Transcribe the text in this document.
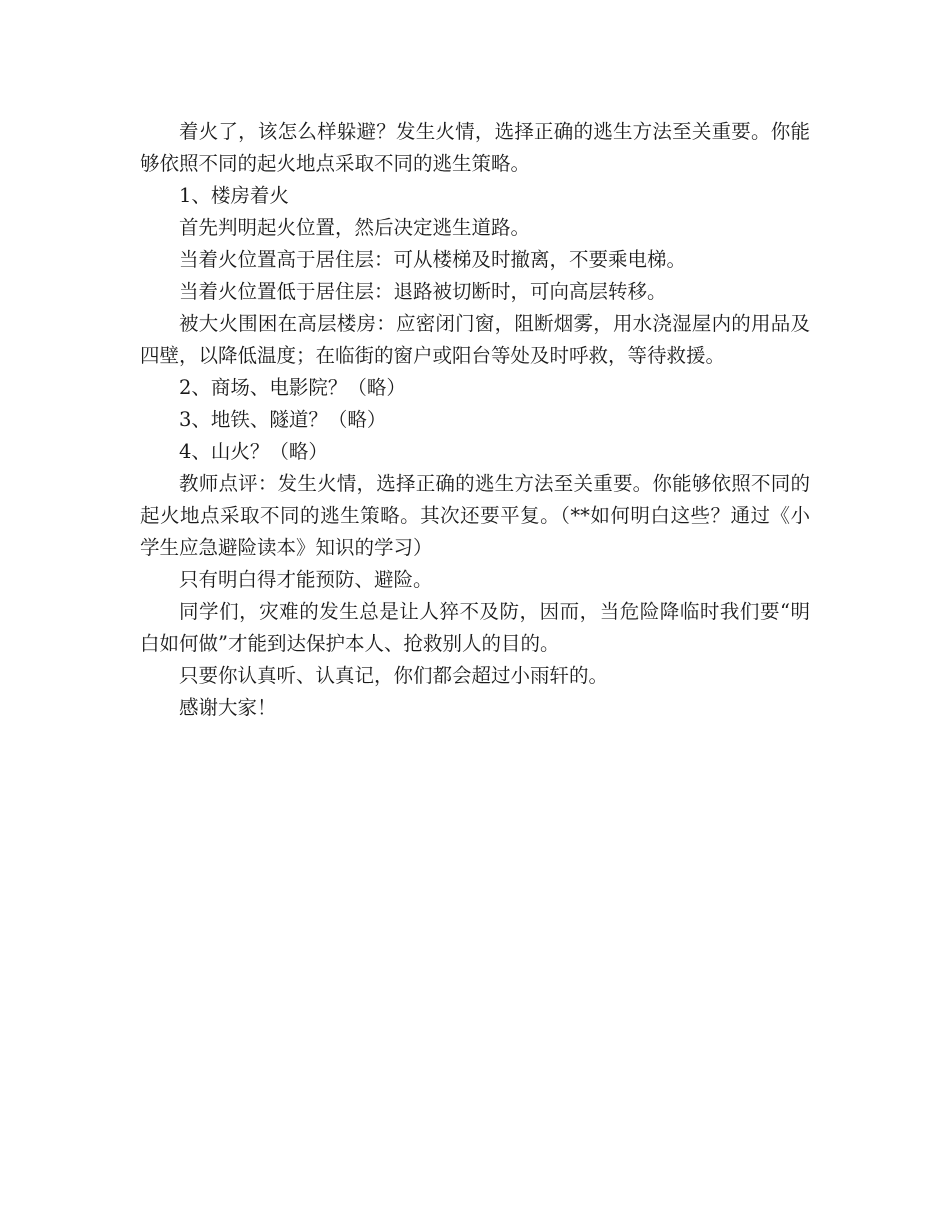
着火了，该怎么样躲避？发生火情，选择正确的逃生方法至关重要。你能够依照不同的起火地点采取不同的逃生策略。

1、楼房着火

首先判明起火位置，然后决定逃生道路。

当着火位置高于居住层：可从楼梯及时撤离，不要乘电梯。

当着火位置低于居住层：退路被切断时，可向高层转移。

被大火围困在高层楼房：应密闭门窗，阻断烟雾，用水浇湿屋内的用品及四壁，以降低温度；在临街的窗户或阳台等处及时呼救，等待救援。

2、商场、电影院？（略）

3、地铁、隧道？（略）

4、山火？（略）

教师点评：发生火情，选择正确的逃生方法至关重要。你能够依照不同的起火地点采取不同的逃生策略。其次还要平复。（**如何明白这些？通过《小学生应急避险读本》知识的学习）

只有明白得才能预防、避险。

同学们，灾难的发生总是让人猝不及防，因而，当危险降临时我们要“明白如何做”才能到达保护本人、抢救别人的目的。

只要你认真听、认真记，你们都会超过小雨轩的。

感谢大家！
